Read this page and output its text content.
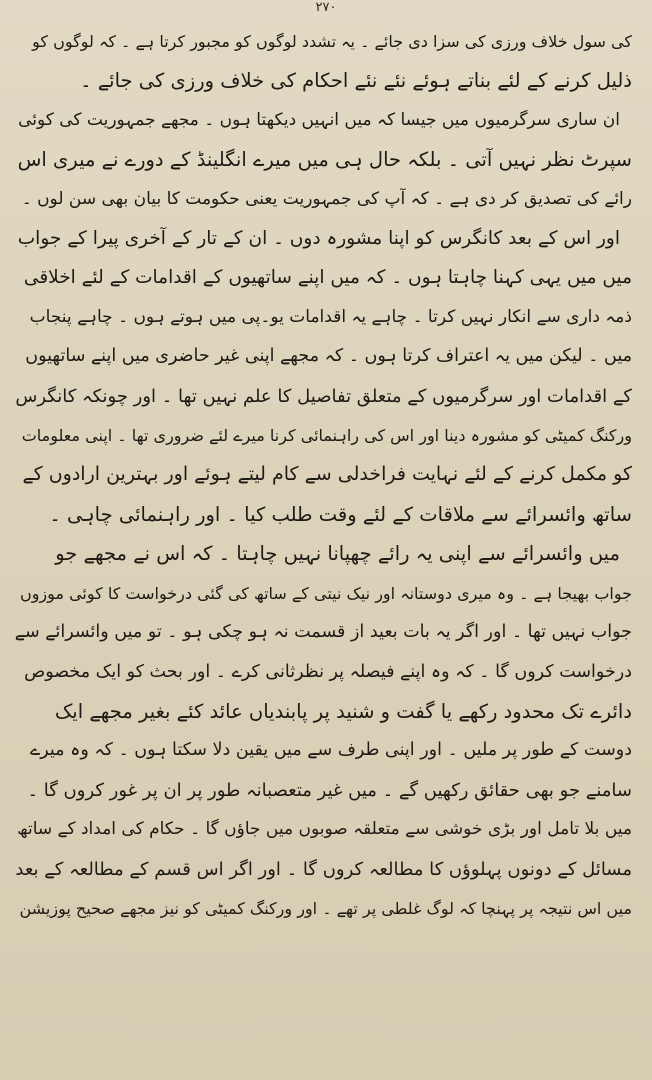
۲۷۰
کی سول خلاف ورزی کی سزا دی جائے ۔ یہ تشدد لوگوں کو مجبور کرتا ہے ۔ کہ لوگوں کو
ذلیل کرنے کے لئے بناتے ہوئے نئے نئے احکام کی خلاف ورزی کی جائے ۔
ان ساری سرگرمیوں میں جیسا کہ میں انہیں دیکھتا ہوں ۔ مجھے جمہوریت کی کوئی
سپرٹ نظر نہیں آتی ۔ بلکہ حال ہی میں میرے انگلینڈ کے دورے نے میری اس
رائے کی تصدیق کر دی ہے ۔ کہ آپ کی جمہوریت یعنی حکومت کا بیان بھی سن لوں ۔
اور اس کے بعد کانگرس کو اپنا مشورہ دوں ۔ ان کے تار کے آخری پیرا کے جواب
میں میں یہی کہنا چاہتا ہوں ۔ کہ میں اپنے ساتھیوں کے اقدامات کے لئے اخلاقی
ذمہ داری سے انکار نہیں کرتا ۔ چاہے یہ اقدامات یو۔پی میں ہوتے ہوں ۔ چاہے پنجاب
میں ۔ لیکن میں یہ اعتراف کرتا ہوں ۔ کہ مجھے اپنی غیر حاضری میں اپنے ساتھیوں
کے اقدامات اور سرگرمیوں کے متعلق تفاصیل کا علم نہیں تھا ۔ اور چونکہ کانگرس
ورکنگ کمیٹی کو مشورہ دینا اور اس کی راہنمائی کرنا میرے لئے ضروری تھا ۔ اپنی معلومات
کو مکمل کرنے کے لئے نہایت فراخدلی سے کام لیتے ہوئے اور بہترین ارادوں کے
ساتھ وائسرائے سے ملاقات کے لئے وقت طلب کیا ۔ اور راہنمائی چاہی ۔
میں وائسرائے سے اپنی یہ رائے چھپانا نہیں چاہتا ۔ کہ اس نے مجھے جو
جواب بھیجا ہے ۔ وہ میری دوستانہ اور نیک نیتی کے ساتھ کی گئی درخواست کا کوئی موزوں
جواب نہیں تھا ۔ اور اگر یہ بات بعید از قسمت نہ ہو چکی ہو ۔ تو میں وائسرائے سے
درخواست کروں گا ۔ کہ وہ اپنے فیصلہ پر نظرثانی کرے ۔ اور بحث کو ایک مخصوص
دائرے تک محدود رکھے یا گفت و شنید پر پابندیاں عائد کئے بغیر مجھے ایک
دوست کے طور پر ملیں ۔ اور اپنی طرف سے میں یقین دلا سکتا ہوں ۔ کہ وہ میرے
سامنے جو بھی حقائق رکھیں گے ۔ میں غیر متعصبانہ طور پر ان پر غور کروں گا ۔
میں بلا تامل اور بڑی خوشی سے متعلقہ صوبوں میں جاؤں گا ۔ حکام کی امداد کے ساتھ
مسائل کے دونوں پہلوؤں کا مطالعہ کروں گا ۔ اور اگر اس قسم کے مطالعہ کے بعد
میں اس نتیجہ پر پہنچا کہ لوگ غلطی پر تھے ۔ اور ورکنگ کمیٹی کو نیز مجھے صحیح پوزیشن
